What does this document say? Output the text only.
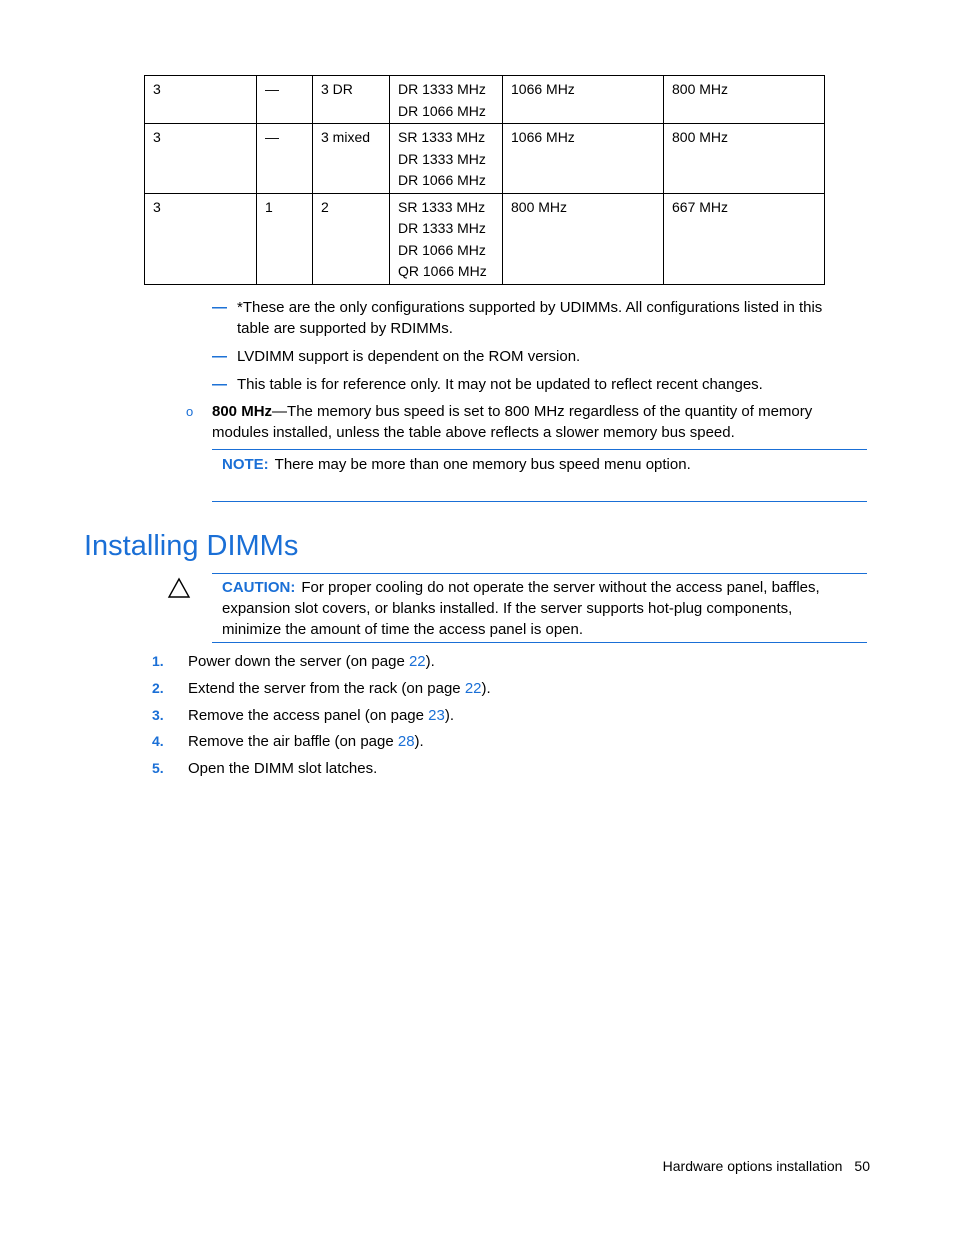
3	—	3 DR	DR 1333 MHz
DR 1066 MHz	1066 MHz	800 MHz
3	—	3 mixed	SR 1333 MHz
DR 1333 MHz
DR 1066 MHz	1066 MHz	800 MHz
3	1	2	SR 1333 MHz
DR 1333 MHz
DR 1066 MHz
QR 1066 MHz	800 MHz	667 MHz
— *These are the only configurations supported by UDIMMs. All configurations listed in this table are supported by RDIMMs.
— LVDIMM support is dependent on the ROM version.
— This table is for reference only. It may not be updated to reflect recent changes.
o 800 MHz—The memory bus speed is set to 800 MHz regardless of the quantity of memory modules installed, unless the table above reflects a slower memory bus speed.
NOTE: There may be more than one memory bus speed menu option.
Installing DIMMs
CAUTION: For proper cooling do not operate the server without the access panel, baffles, expansion slot covers, or blanks installed. If the server supports hot-plug components, minimize the amount of time the access panel is open.
1. Power down the server (on page 22).
2. Extend the server from the rack (on page 22).
3. Remove the access panel (on page 23).
4. Remove the air baffle (on page 28).
5. Open the DIMM slot latches.
Hardware options installation 50
